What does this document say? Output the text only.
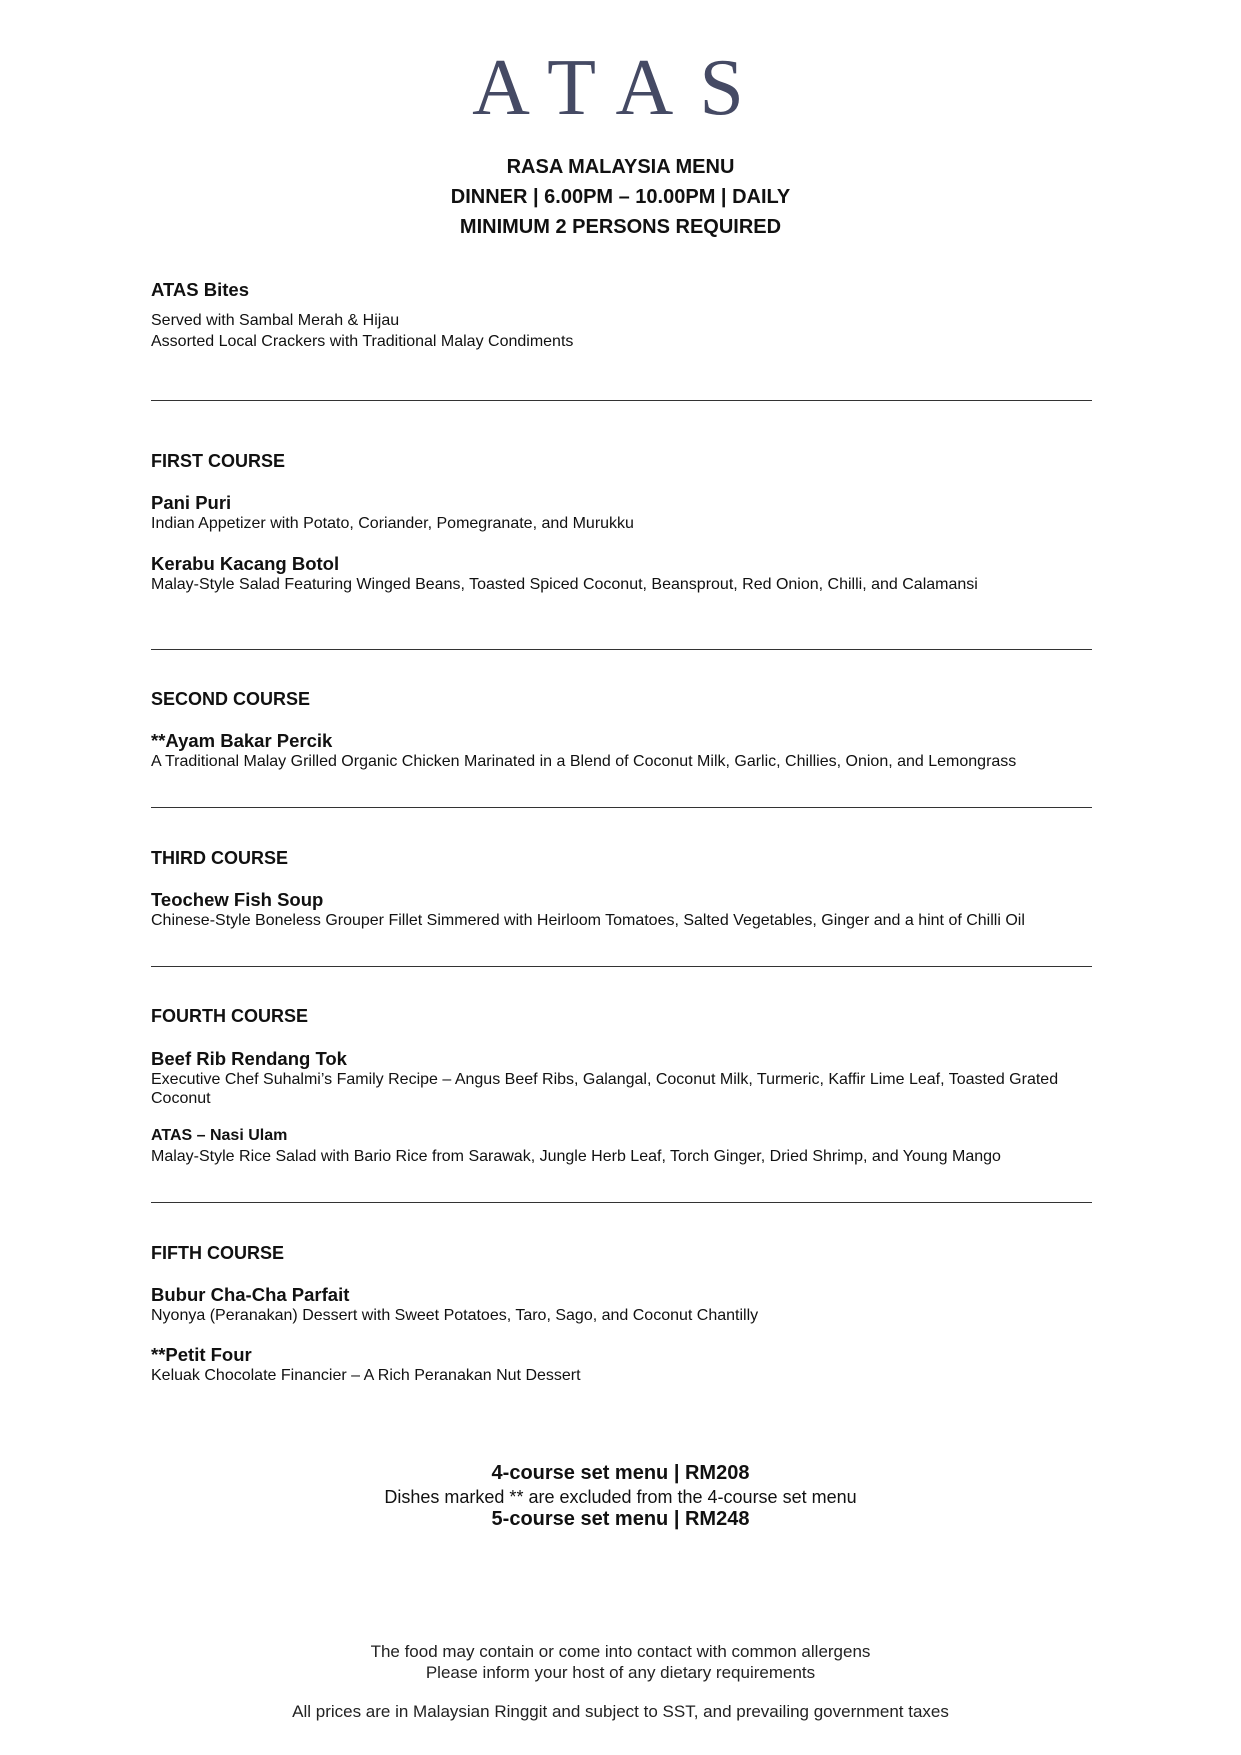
ATAS
RASA MALAYSIA MENU
DINNER | 6.00PM – 10.00PM | DAILY
MINIMUM 2 PERSONS REQUIRED
ATAS Bites
Served with Sambal Merah & Hijau
Assorted Local Crackers with Traditional Malay Condiments
FIRST COURSE
Pani Puri
Indian Appetizer with Potato, Coriander, Pomegranate, and Murukku
Kerabu Kacang Botol
Malay-Style Salad Featuring Winged Beans, Toasted Spiced Coconut, Beansprout, Red Onion, Chilli, and Calamansi
SECOND COURSE
**Ayam Bakar Percik
A Traditional Malay Grilled Organic Chicken Marinated in a Blend of Coconut Milk, Garlic, Chillies, Onion, and Lemongrass
THIRD COURSE
Teochew Fish Soup
Chinese-Style Boneless Grouper Fillet Simmered with Heirloom Tomatoes, Salted Vegetables, Ginger and a hint of Chilli Oil
FOURTH COURSE
Beef Rib Rendang Tok
Executive Chef Suhalmi’s Family Recipe – Angus Beef Ribs, Galangal, Coconut Milk, Turmeric, Kaffir Lime Leaf, Toasted Grated Coconut
ATAS – Nasi Ulam
Malay-Style Rice Salad with Bario Rice from Sarawak, Jungle Herb Leaf, Torch Ginger, Dried Shrimp, and Young Mango
FIFTH COURSE
Bubur Cha-Cha Parfait
Nyonya (Peranakan) Dessert with Sweet Potatoes, Taro, Sago, and Coconut Chantilly
**Petit Four
Keluak Chocolate Financier – A Rich Peranakan Nut Dessert
4-course set menu | RM208
Dishes marked ** are excluded from the 4-course set menu
5-course set menu | RM248
The food may contain or come into contact with common allergens
Please inform your host of any dietary requirements
All prices are in Malaysian Ringgit and subject to SST, and prevailing government taxes
